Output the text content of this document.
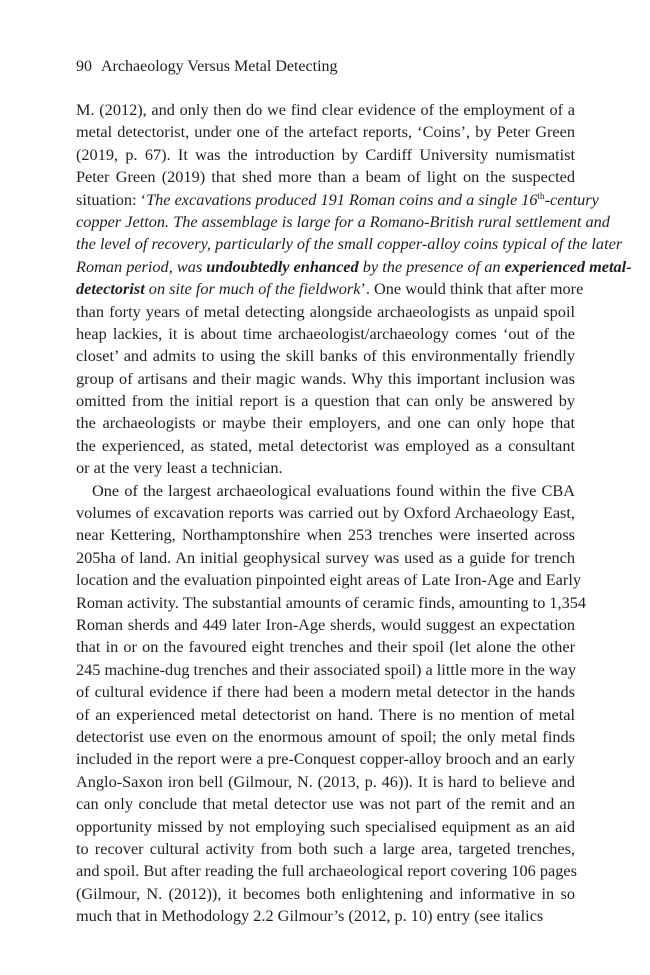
90 Archaeology Versus Metal Detecting
M. (2012), and only then do we find clear evidence of the employment of a
metal detectorist, under one of the artefact reports, ‘Coins’, by Peter Green
(2019, p. 67). It was the introduction by Cardiff University numismatist
Peter Green (2019) that shed more than a beam of light on the suspected
situation: ‘The excavations produced 191 Roman coins and a single 16th-century
copper Jetton. The assemblage is large for a Romano-British rural settlement and
the level of recovery, particularly of the small copper-alloy coins typical of the later
Roman period, was undoubtedly enhanced by the presence of an experienced metal-
detectorist on site for much of the fieldwork’. One would think that after more
than forty years of metal detecting alongside archaeologists as unpaid spoil
heap lackies, it is about time archaeologist/archaeology comes ‘out of the
closet’ and admits to using the skill banks of this environmentally friendly
group of artisans and their magic wands. Why this important inclusion was
omitted from the initial report is a question that can only be answered by
the archaeologists or maybe their employers, and one can only hope that
the experienced, as stated, metal detectorist was employed as a consultant
or at the very least a technician.
One of the largest archaeological evaluations found within the five CBA
volumes of excavation reports was carried out by Oxford Archaeology East,
near Kettering, Northamptonshire when 253 trenches were inserted across
205ha of land. An initial geophysical survey was used as a guide for trench
location and the evaluation pinpointed eight areas of Late Iron-Age and Early
Roman activity. The substantial amounts of ceramic finds, amounting to 1,354
Roman sherds and 449 later Iron-Age sherds, would suggest an expectation
that in or on the favoured eight trenches and their spoil (let alone the other
245 machine-dug trenches and their associated spoil) a little more in the way
of cultural evidence if there had been a modern metal detector in the hands
of an experienced metal detectorist on hand. There is no mention of metal
detectorist use even on the enormous amount of spoil; the only metal finds
included in the report were a pre-Conquest copper-alloy brooch and an early
Anglo-Saxon iron bell (Gilmour, N. (2013, p. 46)). It is hard to believe and
can only conclude that metal detector use was not part of the remit and an
opportunity missed by not employing such specialised equipment as an aid
to recover cultural activity from both such a large area, targeted trenches,
and spoil. But after reading the full archaeological report covering 106 pages
(Gilmour, N. (2012)), it becomes both enlightening and informative in so
much that in Methodology 2.2 Gilmour’s (2012, p. 10) entry (see italics
